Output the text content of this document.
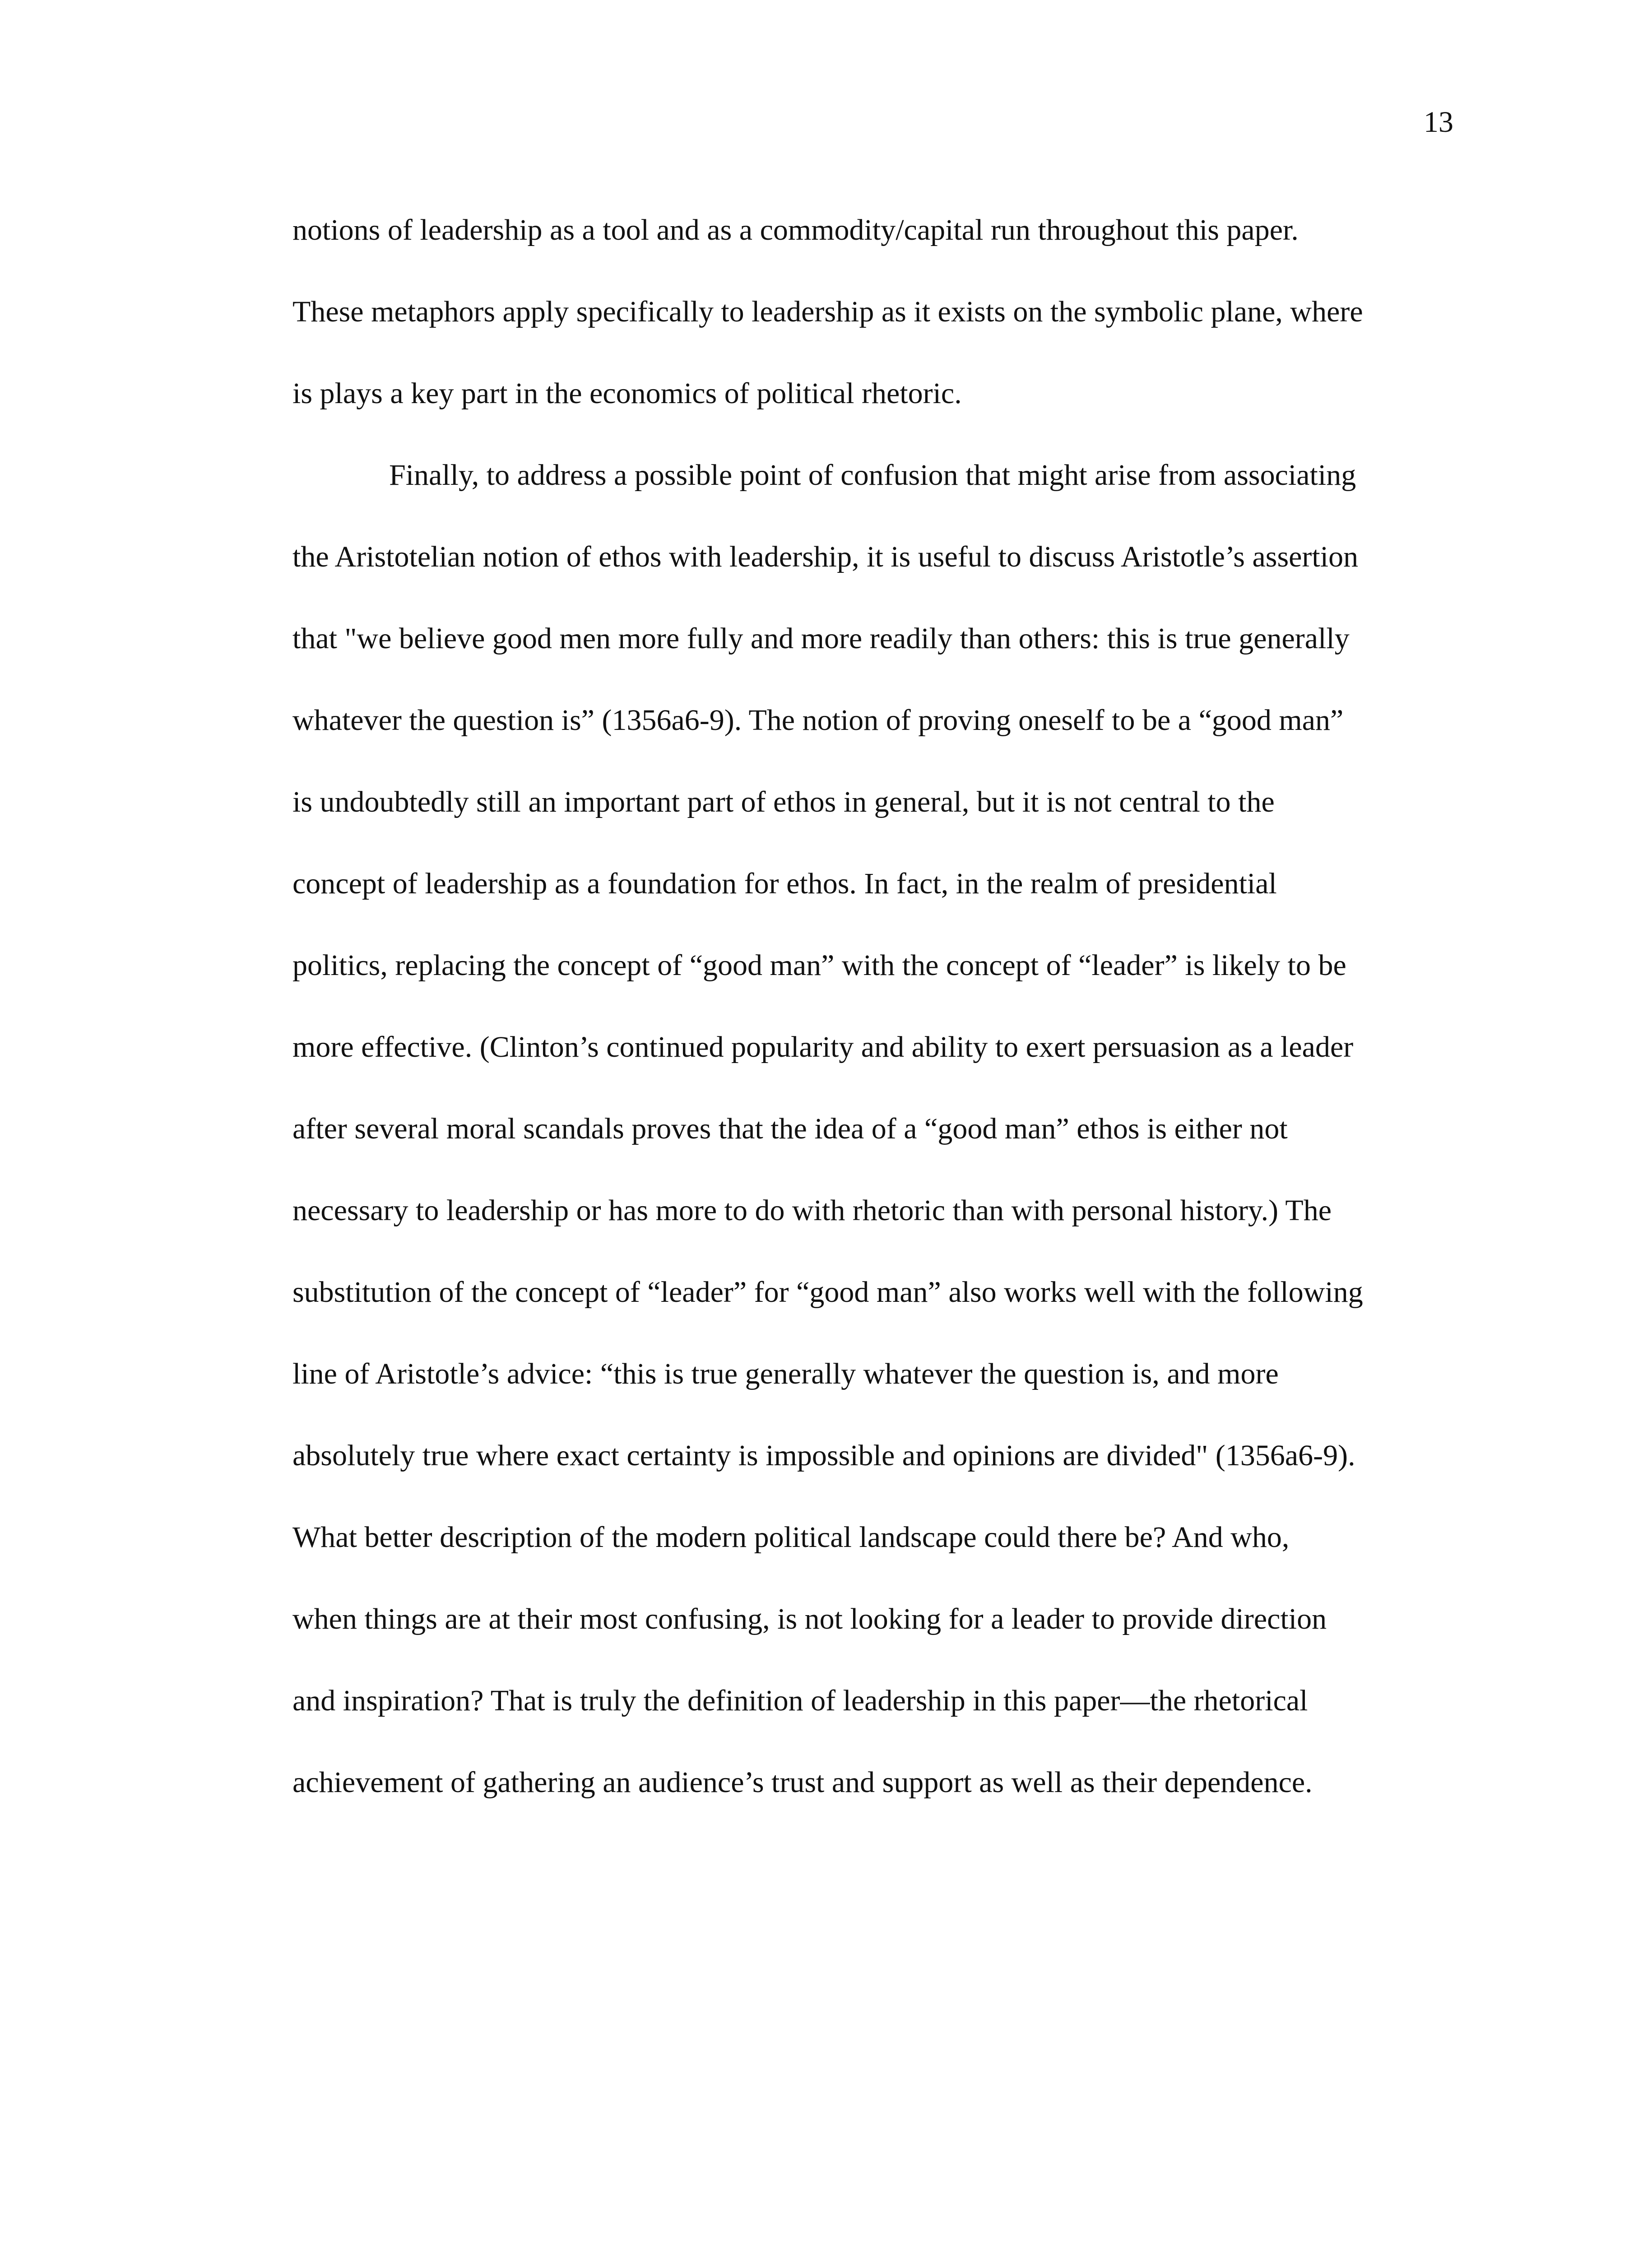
13
notions of leadership as a tool and as a commodity/capital run throughout this paper.
These metaphors apply specifically to leadership as it exists on the symbolic plane, where
is plays a key part in the economics of political rhetoric.
Finally, to address a possible point of confusion that might arise from associating
the Aristotelian notion of ethos with leadership, it is useful to discuss Aristotle’s assertion
that "we believe good men more fully and more readily than others: this is true generally
whatever the question is” (1356a6-9). The notion of proving oneself to be a “good man”
is undoubtedly still an important part of ethos in general, but it is not central to the
concept of leadership as a foundation for ethos. In fact, in the realm of presidential
politics, replacing the concept of “good man” with the concept of “leader” is likely to be
more effective. (Clinton’s continued popularity and ability to exert persuasion as a leader
after several moral scandals proves that the idea of a “good man” ethos is either not
necessary to leadership or has more to do with rhetoric than with personal history.) The
substitution of the concept of “leader” for “good man” also works well with the following
line of Aristotle’s advice: “this is true generally whatever the question is, and more
absolutely true where exact certainty is impossible and opinions are divided" (1356a6-9).
What better description of the modern political landscape could there be? And who,
when things are at their most confusing, is not looking for a leader to provide direction
and inspiration? That is truly the definition of leadership in this paper—the rhetorical
achievement of gathering an audience’s trust and support as well as their dependence.
